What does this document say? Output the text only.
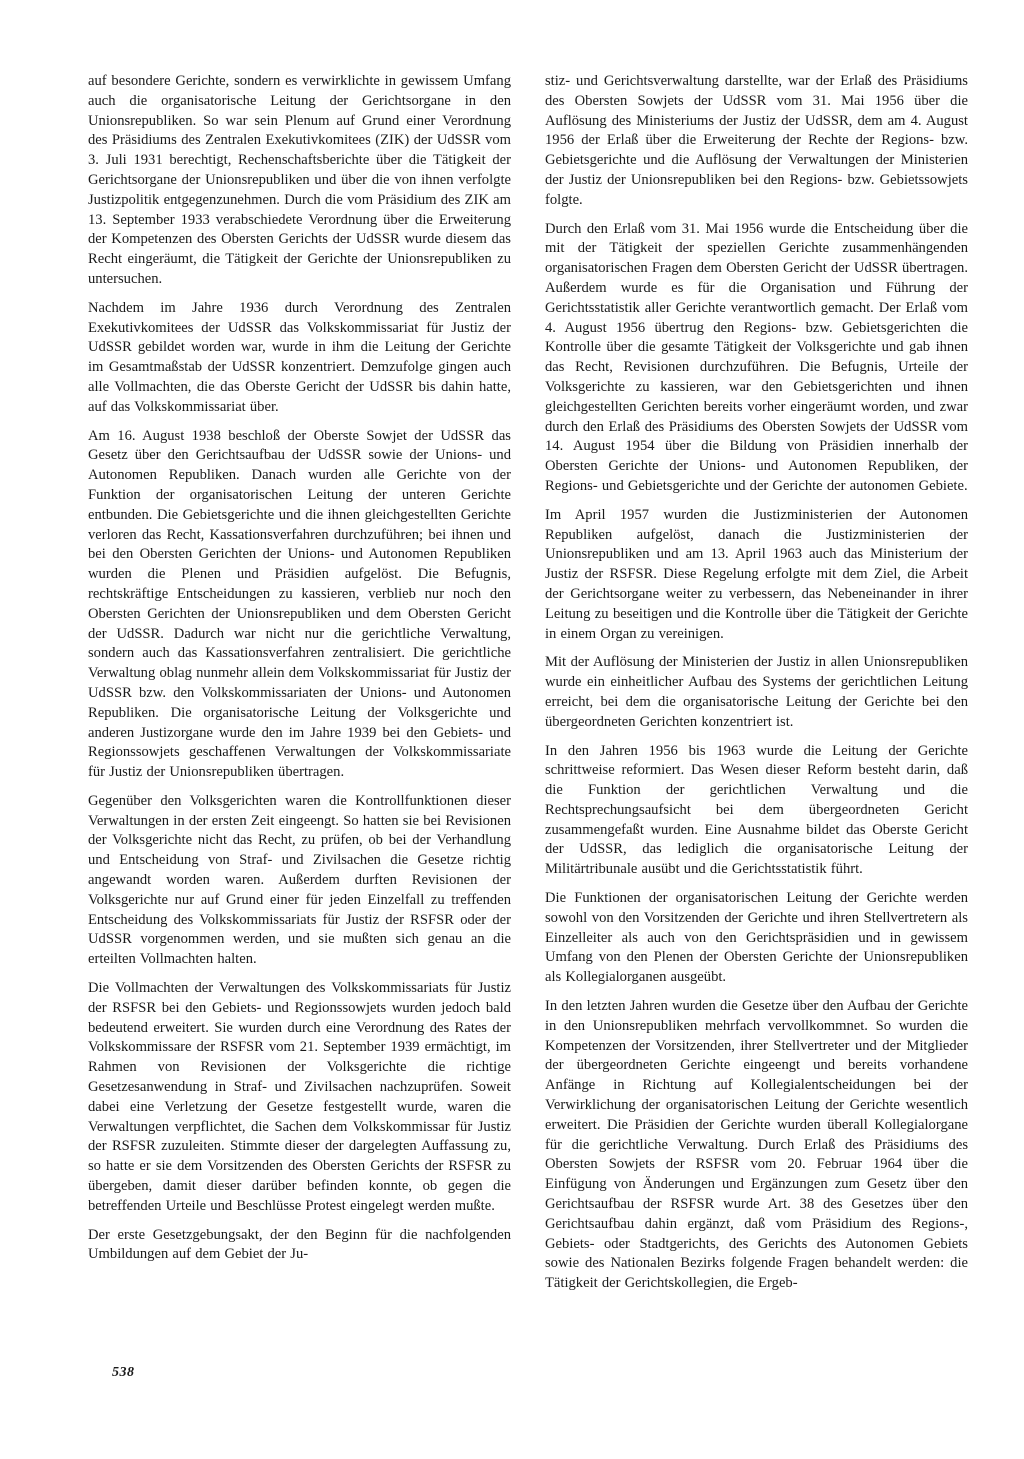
auf besondere Gerichte, sondern es verwirklichte in gewissem Umfang auch die organisatorische Leitung der Gerichtsorgane in den Unionsrepubliken. So war sein Plenum auf Grund einer Verordnung des Präsidiums des Zentralen Exekutivkomitees (ZIK) der UdSSR vom 3. Juli 1931 berechtigt, Rechenschaftsberichte über die Tätigkeit der Gerichtsorgane der Unionsrepubliken und über die von ihnen verfolgte Justizpolitik entgegenzunehmen. Durch die vom Präsidium des ZIK am 13. September 1933 verabschiedete Verordnung über die Erweiterung der Kompetenzen des Obersten Gerichts der UdSSR wurde diesem das Recht eingeräumt, die Tätigkeit der Gerichte der Unionsrepubliken zu untersuchen.

Nachdem im Jahre 1936 durch Verordnung des Zentralen Exekutivkomitees der UdSSR das Volkskommissariat für Justiz der UdSSR gebildet worden war, wurde in ihm die Leitung der Gerichte im Gesamtmaßstab der UdSSR konzentriert. Demzufolge gingen auch alle Vollmachten, die das Oberste Gericht der UdSSR bis dahin hatte, auf das Volkskommissariat über.

Am 16. August 1938 beschloß der Oberste Sowjet der UdSSR das Gesetz über den Gerichtsaufbau der UdSSR sowie der Unions- und Autonomen Republiken. Danach wurden alle Gerichte von der Funktion der organisatorischen Leitung der unteren Gerichte entbunden. Die Gebietsgerichte und die ihnen gleichgestellten Gerichte verloren das Recht, Kassationsverfahren durchzuführen; bei ihnen und bei den Obersten Gerichten der Unions- und Autonomen Republiken wurden die Plenen und Präsidien aufgelöst. Die Befugnis, rechtskräftige Entscheidungen zu kassieren, verblieb nur noch den Obersten Gerichten der Unionsrepubliken und dem Obersten Gericht der UdSSR. Dadurch war nicht nur die gerichtliche Verwaltung, sondern auch das Kassationsverfahren zentralisiert. Die gerichtliche Verwaltung oblag nunmehr allein dem Volkskommissariat für Justiz der UdSSR bzw. den Volkskommissariaten der Unions- und Autonomen Republiken. Die organisatorische Leitung der Volksgerichte und anderen Justizorgane wurde den im Jahre 1939 bei den Gebiets- und Regionssowjets geschaffenen Verwaltungen der Volkskommissariate für Justiz der Unionsrepubliken übertragen.

Gegenüber den Volksgerichten waren die Kontrollfunktionen dieser Verwaltungen in der ersten Zeit eingeengt. So hatten sie bei Revisionen der Volksgerichte nicht das Recht, zu prüfen, ob bei der Verhandlung und Entscheidung von Straf- und Zivilsachen die Gesetze richtig angewandt worden waren. Außerdem durften Revisionen der Volksgerichte nur auf Grund einer für jeden Einzelfall zu treffenden Entscheidung des Volkskommissariats für Justiz der RSFSR oder der UdSSR vorgenommen werden, und sie mußten sich genau an die erteilten Vollmachten halten.

Die Vollmachten der Verwaltungen des Volkskommissariats für Justiz der RSFSR bei den Gebiets- und Regionssowjets wurden jedoch bald bedeutend erweitert. Sie wurden durch eine Verordnung des Rates der Volkskommissare der RSFSR vom 21. September 1939 ermächtigt, im Rahmen von Revisionen der Volksgerichte die richtige Gesetzesanwendung in Straf- und Zivilsachen nachzuprüfen. Soweit dabei eine Verletzung der Gesetze festgestellt wurde, waren die Verwaltungen verpflichtet, die Sachen dem Volkskommissar für Justiz der RSFSR zuzuleiten. Stimmte dieser der dargelegten Auffassung zu, so hatte er sie dem Vorsitzenden des Obersten Gerichts der RSFSR zu übergeben, damit dieser darüber befinden konnte, ob gegen die betreffenden Urteile und Beschlüsse Protest eingelegt werden mußte.

Der erste Gesetzgebungsakt, der den Beginn für die nachfolgenden Umbildungen auf dem Gebiet der Ju-

stiz- und Gerichtsverwaltung darstellte, war der Erlaß des Präsidiums des Obersten Sowjets der UdSSR vom 31. Mai 1956 über die Auflösung des Ministeriums der Justiz der UdSSR, dem am 4. August 1956 der Erlaß über die Erweiterung der Rechte der Regions- bzw. Gebietsgerichte und die Auflösung der Verwaltungen der Ministerien der Justiz der Unionsrepubliken bei den Regions- bzw. Gebietssowjets folgte.

Durch den Erlaß vom 31. Mai 1956 wurde die Entscheidung über die mit der Tätigkeit der speziellen Gerichte zusammenhängenden organisatorischen Fragen dem Obersten Gericht der UdSSR übertragen. Außerdem wurde es für die Organisation und Führung der Gerichtsstatistik aller Gerichte verantwortlich gemacht. Der Erlaß vom 4. August 1956 übertrug den Regions- bzw. Gebietsgerichten die Kontrolle über die gesamte Tätigkeit der Volksgerichte und gab ihnen das Recht, Revisionen durchzuführen. Die Befugnis, Urteile der Volksgerichte zu kassieren, war den Gebietsgerichten und ihnen gleichgestellten Gerichten bereits vorher eingeräumt worden, und zwar durch den Erlaß des Präsidiums des Obersten Sowjets der UdSSR vom 14. August 1954 über die Bildung von Präsidien innerhalb der Obersten Gerichte der Unions- und Autonomen Republiken, der Regions- und Gebietsgerichte und der Gerichte der autonomen Gebiete.

Im April 1957 wurden die Justizministerien der Autonomen Republiken aufgelöst, danach die Justizministerien der Unionsrepubliken und am 13. April 1963 auch das Ministerium der Justiz der RSFSR. Diese Regelung erfolgte mit dem Ziel, die Arbeit der Gerichtsorgane weiter zu verbessern, das Nebeneinander in ihrer Leitung zu beseitigen und die Kontrolle über die Tätigkeit der Gerichte in einem Organ zu vereinigen.

Mit der Auflösung der Ministerien der Justiz in allen Unionsrepubliken wurde ein einheitlicher Aufbau des Systems der gerichtlichen Leitung erreicht, bei dem die organisatorische Leitung der Gerichte bei den übergeordneten Gerichten konzentriert ist.

In den Jahren 1956 bis 1963 wurde die Leitung der Gerichte schrittweise reformiert. Das Wesen dieser Reform besteht darin, daß die Funktion der gerichtlichen Verwaltung und die Rechtsprechungsaufsicht bei dem übergeordneten Gericht zusammengefaßt wurden. Eine Ausnahme bildet das Oberste Gericht der UdSSR, das lediglich die organisatorische Leitung der Militärtribunale ausübt und die Gerichtsstatistik führt.

Die Funktionen der organisatorischen Leitung der Gerichte werden sowohl von den Vorsitzenden der Gerichte und ihren Stellvertretern als Einzelleiter als auch von den Gerichtspräsidien und in gewissem Umfang von den Plenen der Obersten Gerichte der Unionsrepubliken als Kollegialorganen ausgeübt.

In den letzten Jahren wurden die Gesetze über den Aufbau der Gerichte in den Unionsrepubliken mehrfach vervollkommnet. So wurden die Kompetenzen der Vorsitzenden, ihrer Stellvertreter und der Mitglieder der übergeordneten Gerichte eingeengt und bereits vorhandene Anfänge in Richtung auf Kollegialentscheidungen bei der Verwirklichung der organisatorischen Leitung der Gerichte wesentlich erweitert. Die Präsidien der Gerichte wurden überall Kollegialorgane für die gerichtliche Verwaltung. Durch Erlaß des Präsidiums des Obersten Sowjets der RSFSR vom 20. Februar 1964 über die Einfügung von Änderungen und Ergänzungen zum Gesetz über den Gerichtsaufbau der RSFSR wurde Art. 38 des Gesetzes über den Gerichtsaufbau dahin ergänzt, daß vom Präsidium des Regions-, Gebiets- oder Stadtgerichts, des Gerichts des Autonomen Gebiets sowie des Nationalen Bezirks folgende Fragen behandelt werden: die Tätigkeit der Gerichtskollegien, die Ergeb-

538
